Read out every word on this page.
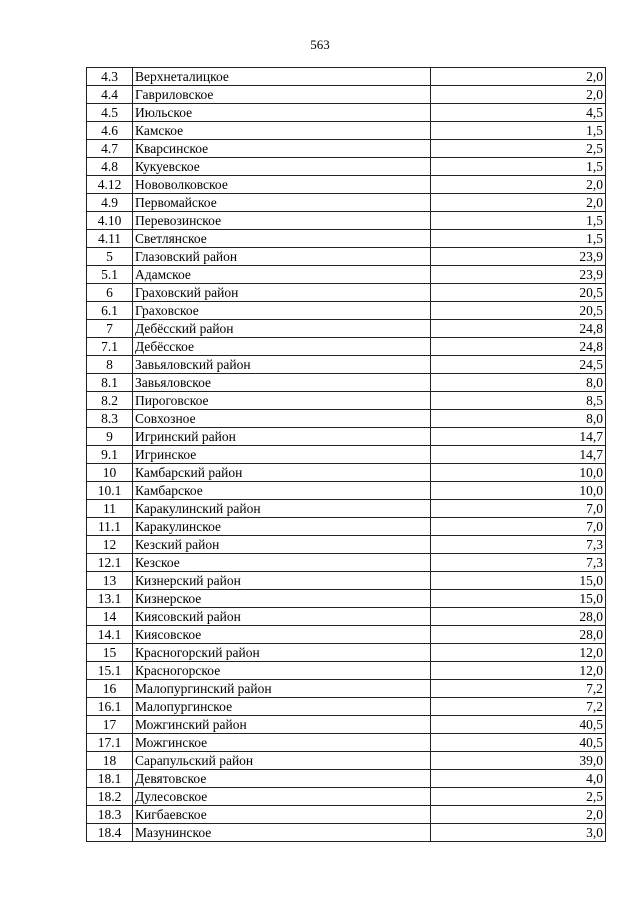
563
4.3	Верхнеталицкое	2,0
4.4	Гавриловское	2,0
4.5	Июльское	4,5
4.6	Камское	1,5
4.7	Кварсинское	2,5
4.8	Кукуевское	1,5
4.12	Нововолковское	2,0
4.9	Первомайское	2,0
4.10	Перевозинское	1,5
4.11	Светлянское	1,5
5	Глазовский район	23,9
5.1	Адамское	23,9
6	Граховский район	20,5
6.1	Граховское	20,5
7	Дебёсский район	24,8
7.1	Дебёсское	24,8
8	Завьяловский район	24,5
8.1	Завьяловское	8,0
8.2	Пироговское	8,5
8.3	Совхозное	8,0
9	Игринский район	14,7
9.1	Игринское	14,7
10	Камбарский район	10,0
10.1	Камбарское	10,0
11	Каракулинский район	7,0
11.1	Каракулинское	7,0
12	Кезский район	7,3
12.1	Кезское	7,3
13	Кизнерский район	15,0
13.1	Кизнерское	15,0
14	Киясовский район	28,0
14.1	Киясовское	28,0
15	Красногорский район	12,0
15.1	Красногорское	12,0
16	Малопургинский район	7,2
16.1	Малопургинское	7,2
17	Можгинский район	40,5
17.1	Можгинское	40,5
18	Сарапульский район	39,0
18.1	Девятовское	4,0
18.2	Дулесовское	2,5
18.3	Кигбаевское	2,0
18.4	Мазунинское	3,0
